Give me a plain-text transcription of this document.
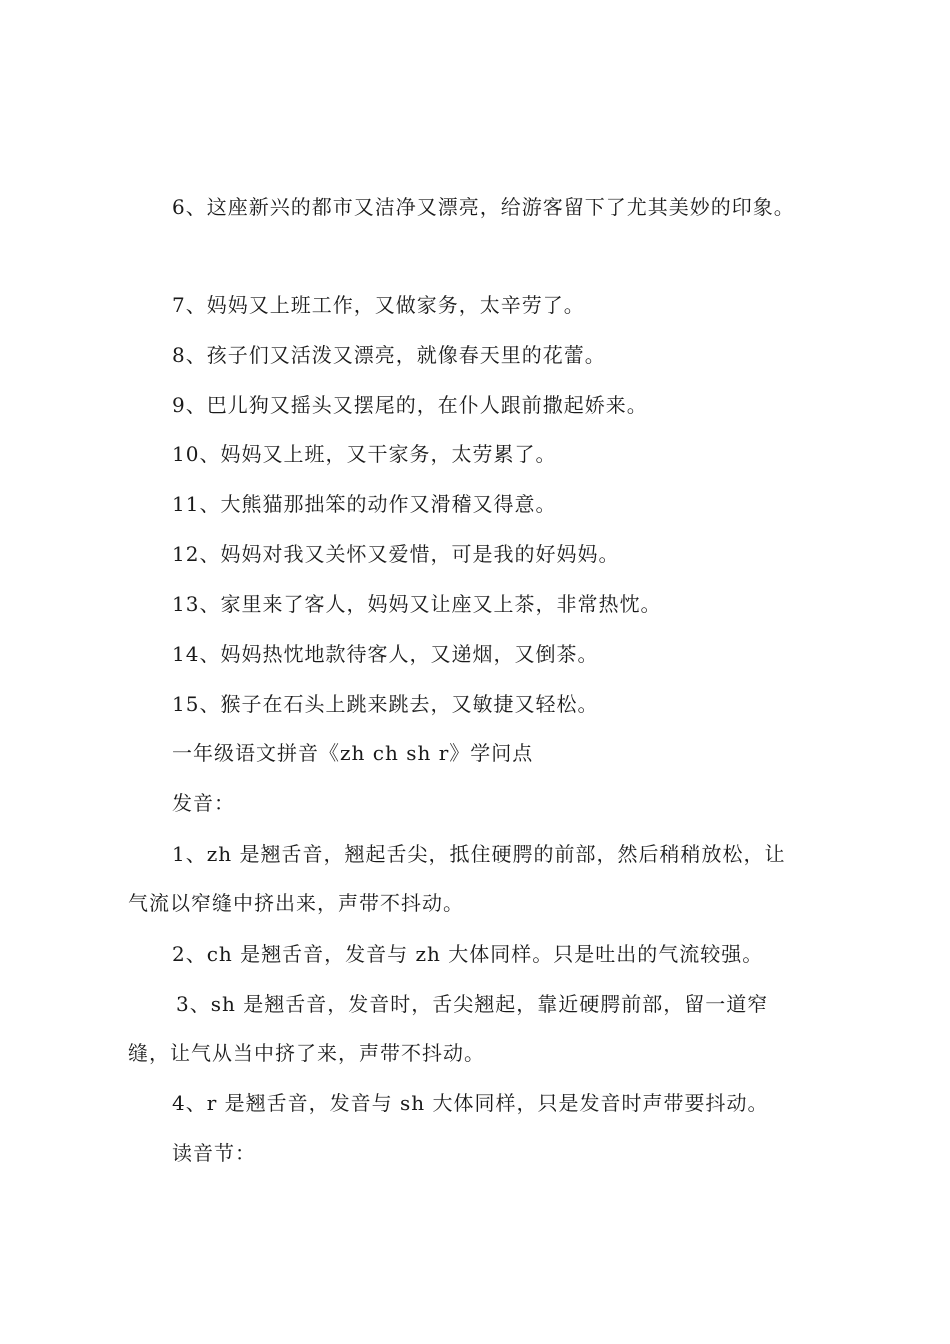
6、这座新兴的都市又洁净又漂亮，给游客留下了尤其美妙的印象。
7、妈妈又上班工作，又做家务，太辛劳了。
8、孩子们又活泼又漂亮，就像春天里的花蕾。
9、巴儿狗又摇头又摆尾的，在仆人跟前撒起娇来。
10、妈妈又上班，又干家务，太劳累了。
11、大熊猫那拙笨的动作又滑稽又得意。
12、妈妈对我又关怀又爱惜，可是我的好妈妈。
13、家里来了客人，妈妈又让座又上茶，非常热忱。
14、妈妈热忱地款待客人，又递烟，又倒茶。
15、猴子在石头上跳来跳去，又敏捷又轻松。
一年级语文拼音《zh ch sh r》学问点
发音：
1、zh 是翘舌音，翘起舌尖，抵住硬腭的前部，然后稍稍放松，让
气流以窄缝中挤出来，声带不抖动。
2、ch 是翘舌音，发音与 zh 大体同样。只是吐出的气流较强。
3、sh 是翘舌音，发音时，舌尖翘起，靠近硬腭前部，留一道窄
缝，让气从当中挤了来，声带不抖动。
4、r 是翘舌音，发音与 sh 大体同样，只是发音时声带要抖动。
读音节：
